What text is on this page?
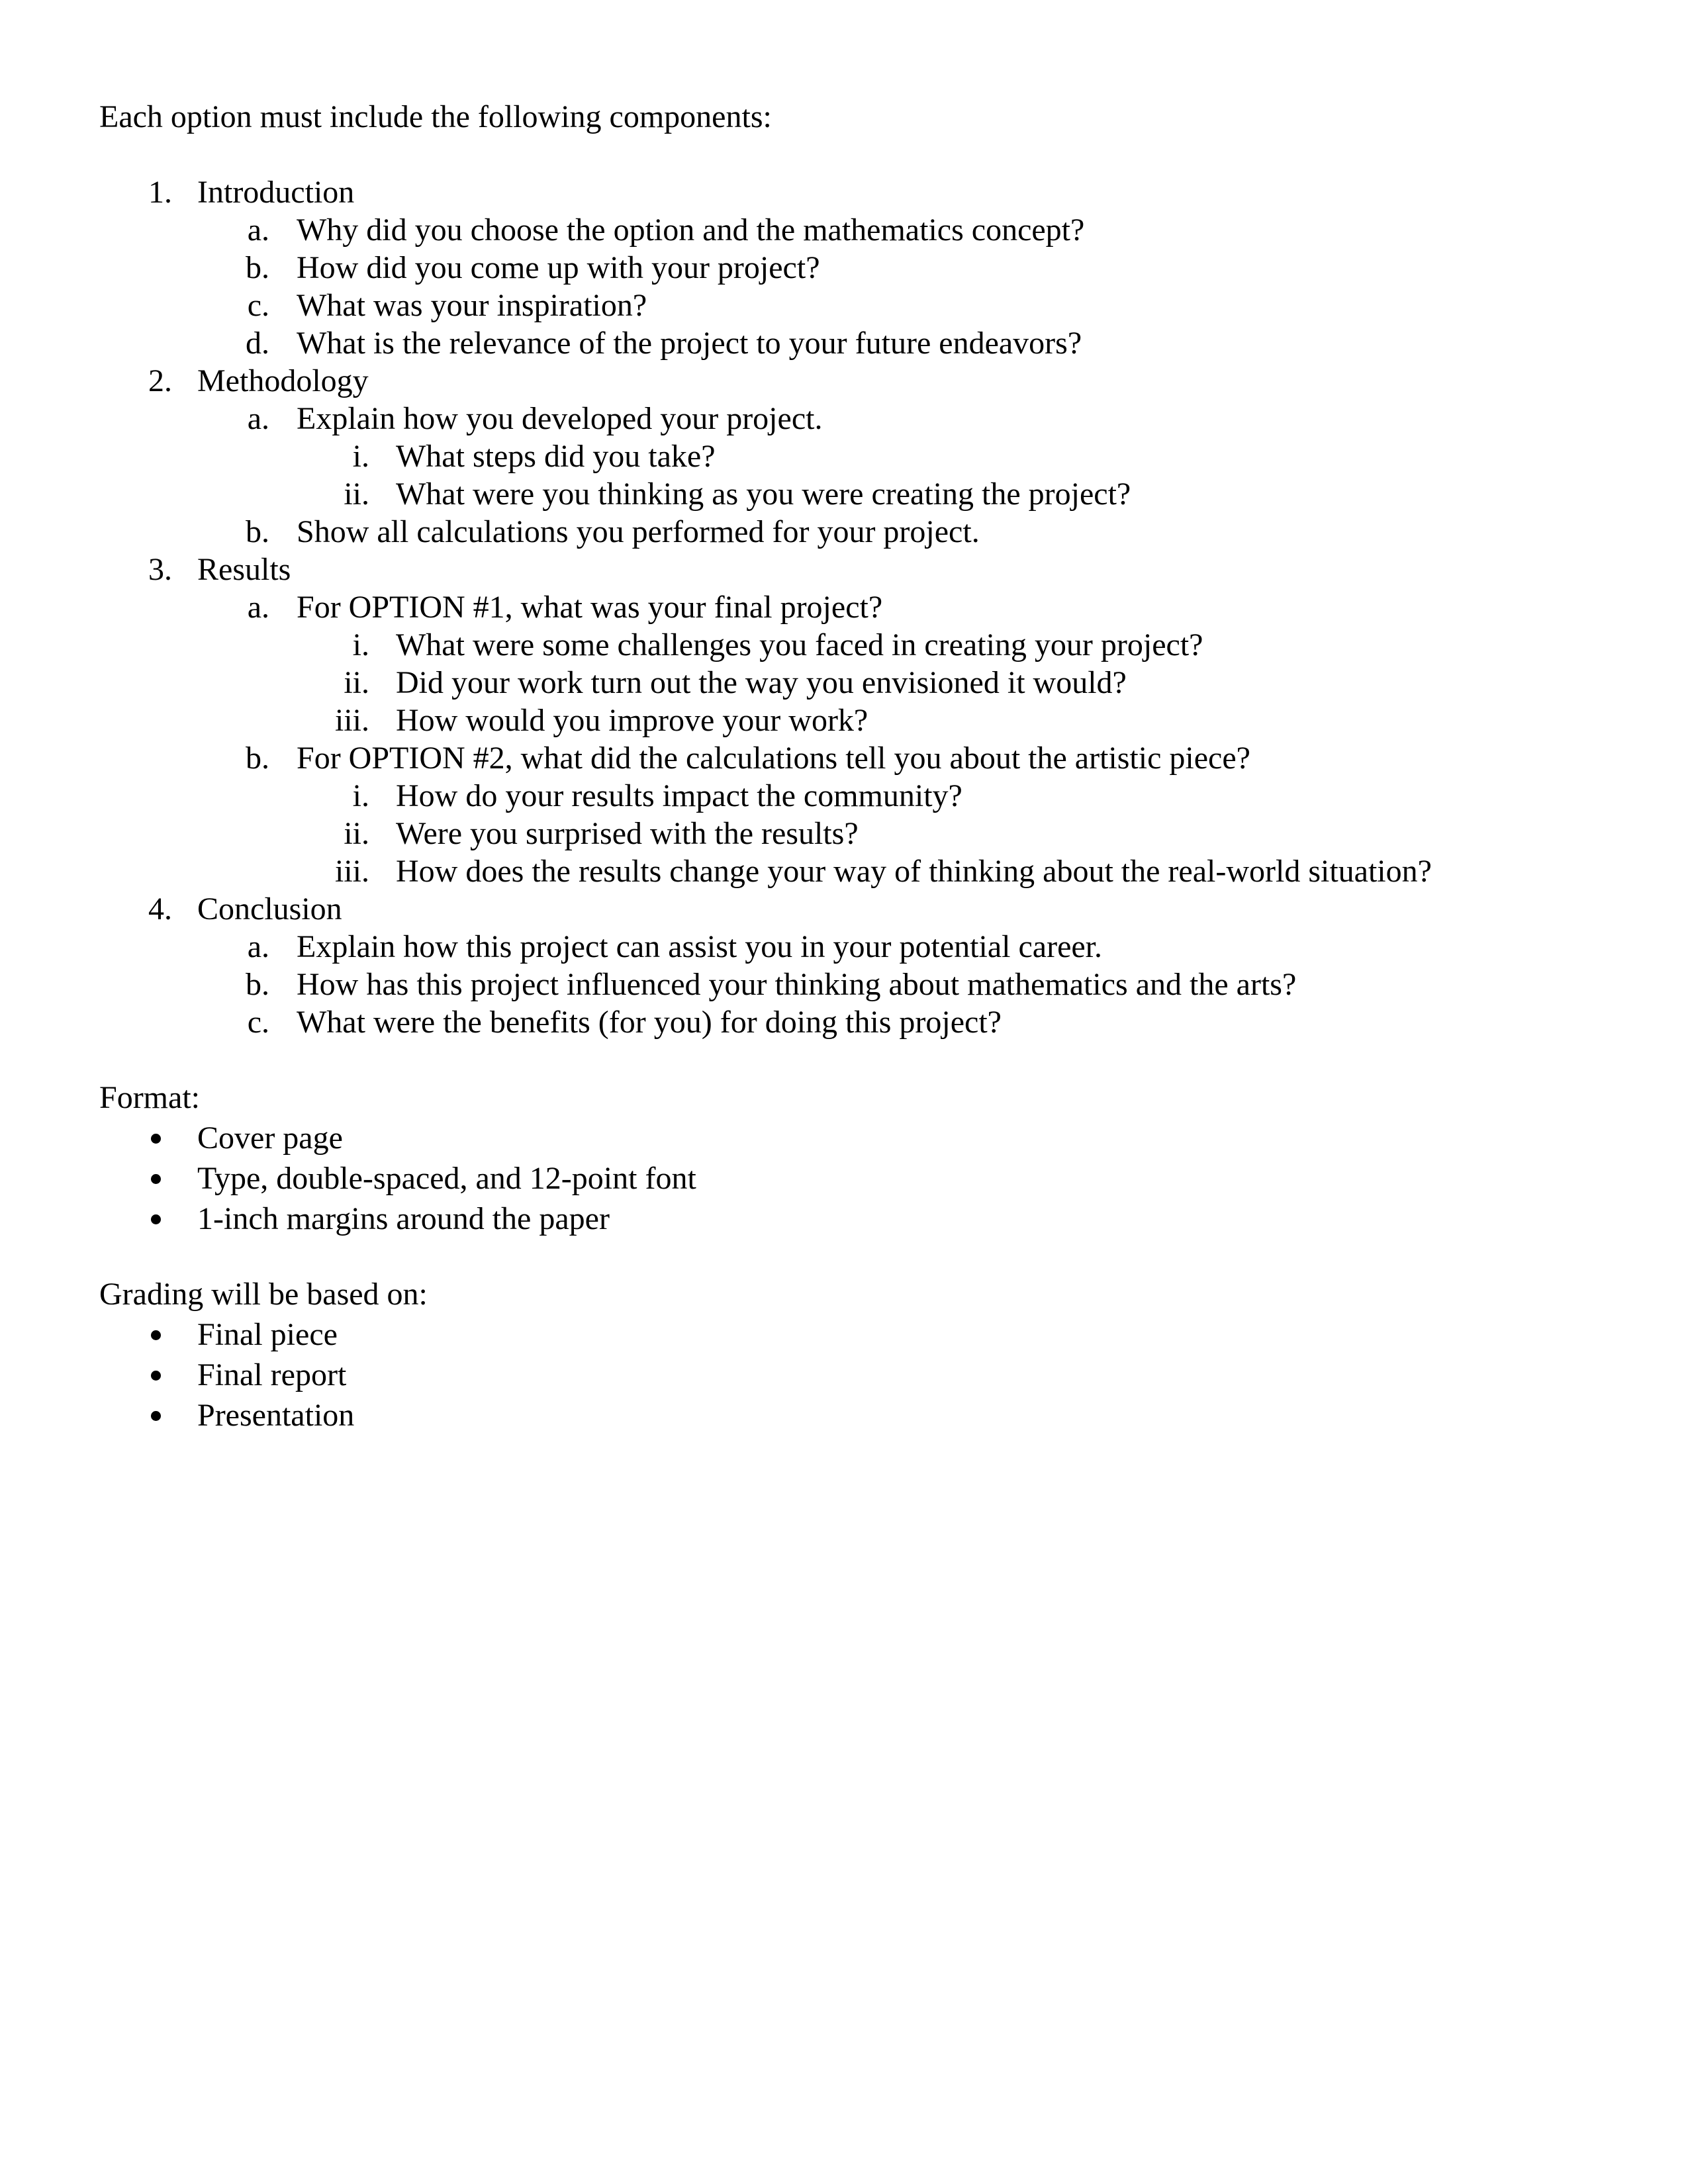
Each option must include the following components:
1. Introduction
a. Why did you choose the option and the mathematics concept?
b. How did you come up with your project?
c. What was your inspiration?
d. What is the relevance of the project to your future endeavors?
2. Methodology
a. Explain how you developed your project.
i. What steps did you take?
ii. What were you thinking as you were creating the project?
b. Show all calculations you performed for your project.
3. Results
a. For OPTION #1, what was your final project?
i. What were some challenges you faced in creating your project?
ii. Did your work turn out the way you envisioned it would?
iii. How would you improve your work?
b. For OPTION #2, what did the calculations tell you about the artistic piece?
i. How do your results impact the community?
ii. Were you surprised with the results?
iii. How does the results change your way of thinking about the real-world situation?
4. Conclusion
a. Explain how this project can assist you in your potential career.
b. How has this project influenced your thinking about mathematics and the arts?
c. What were the benefits (for you) for doing this project?
Format:
Cover page
Type, double-spaced, and 12-point font
1-inch margins around the paper
Grading will be based on:
Final piece
Final report
Presentation
